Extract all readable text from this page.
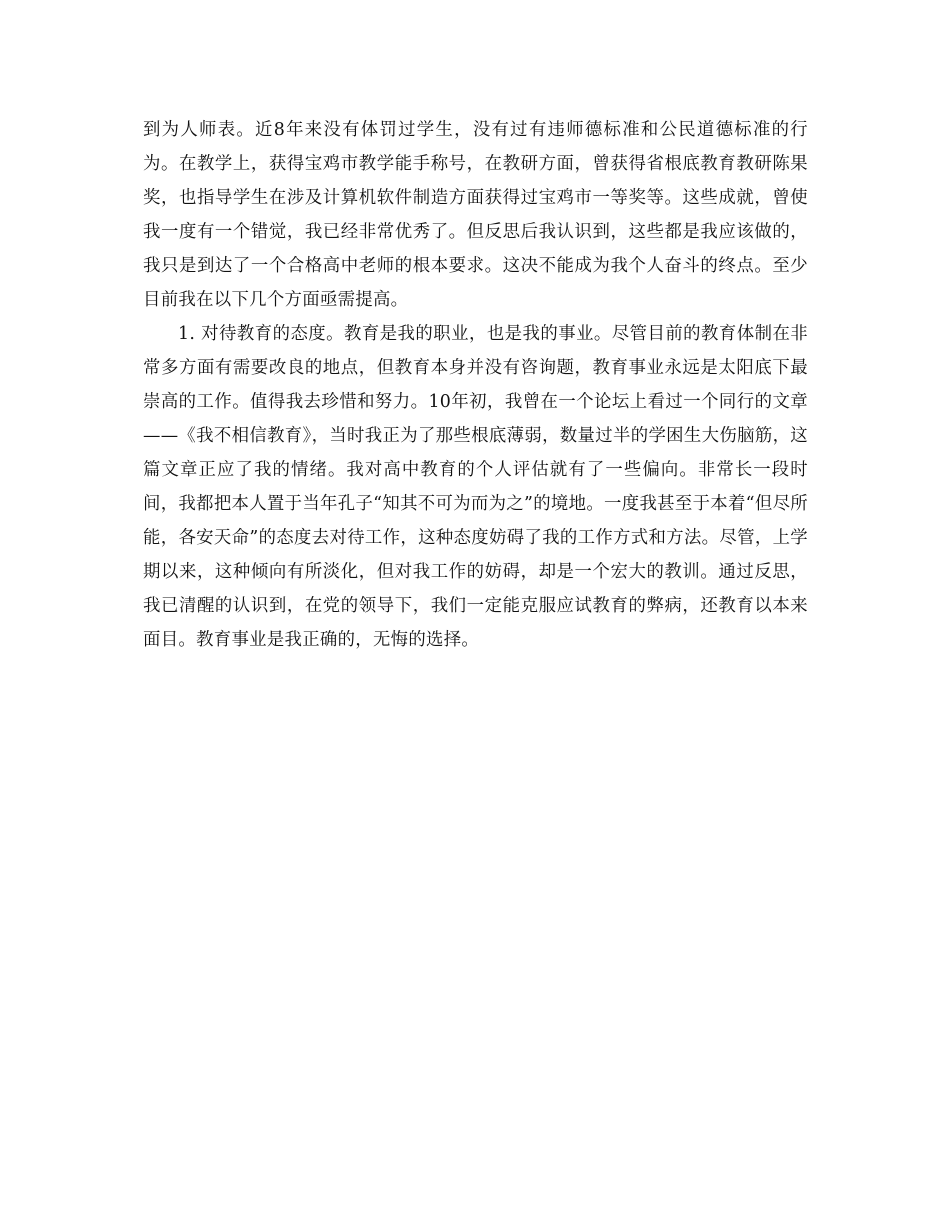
到为人师表。近8年来没有体罚过学生，没有过有违师德标准和公民道德标准的行为。在教学上，获得宝鸡市教学能手称号，在教研方面，曾获得省根底教育教研陈果奖，也指导学生在涉及计算机软件制造方面获得过宝鸡市一等奖等。这些成就，曾使我一度有一个错觉，我已经非常优秀了。但反思后我认识到，这些都是我应该做的，我只是到达了一个合格高中老师的根本要求。这决不能成为我个人奋斗的终点。至少目前我在以下几个方面亟需提高。

1. 对待教育的态度。教育是我的职业，也是我的事业。尽管目前的教育体制在非常多方面有需要改良的地点，但教育本身并没有咨询题，教育事业永远是太阳底下最崇高的工作。值得我去珍惜和努力。10年初，我曾在一个论坛上看过一个同行的文章——《我不相信教育》，当时我正为了那些根底薄弱，数量过半的学困生大伤脑筋，这篇文章正应了我的情绪。我对高中教育的个人评估就有了一些偏向。非常长一段时间，我都把本人置于当年孔子“知其不可为而为之”的境地。一度我甚至于本着“但尽所能，各安天命”的态度去对待工作，这种态度妨碍了我的工作方式和方法。尽管，上学期以来，这种倾向有所淡化，但对我工作的妨碍，却是一个宏大的教训。通过反思，我已清醒的认识到，在党的领导下，我们一定能克服应试教育的弊病，还教育以本来面目。教育事业是我正确的，无悔的选择。
